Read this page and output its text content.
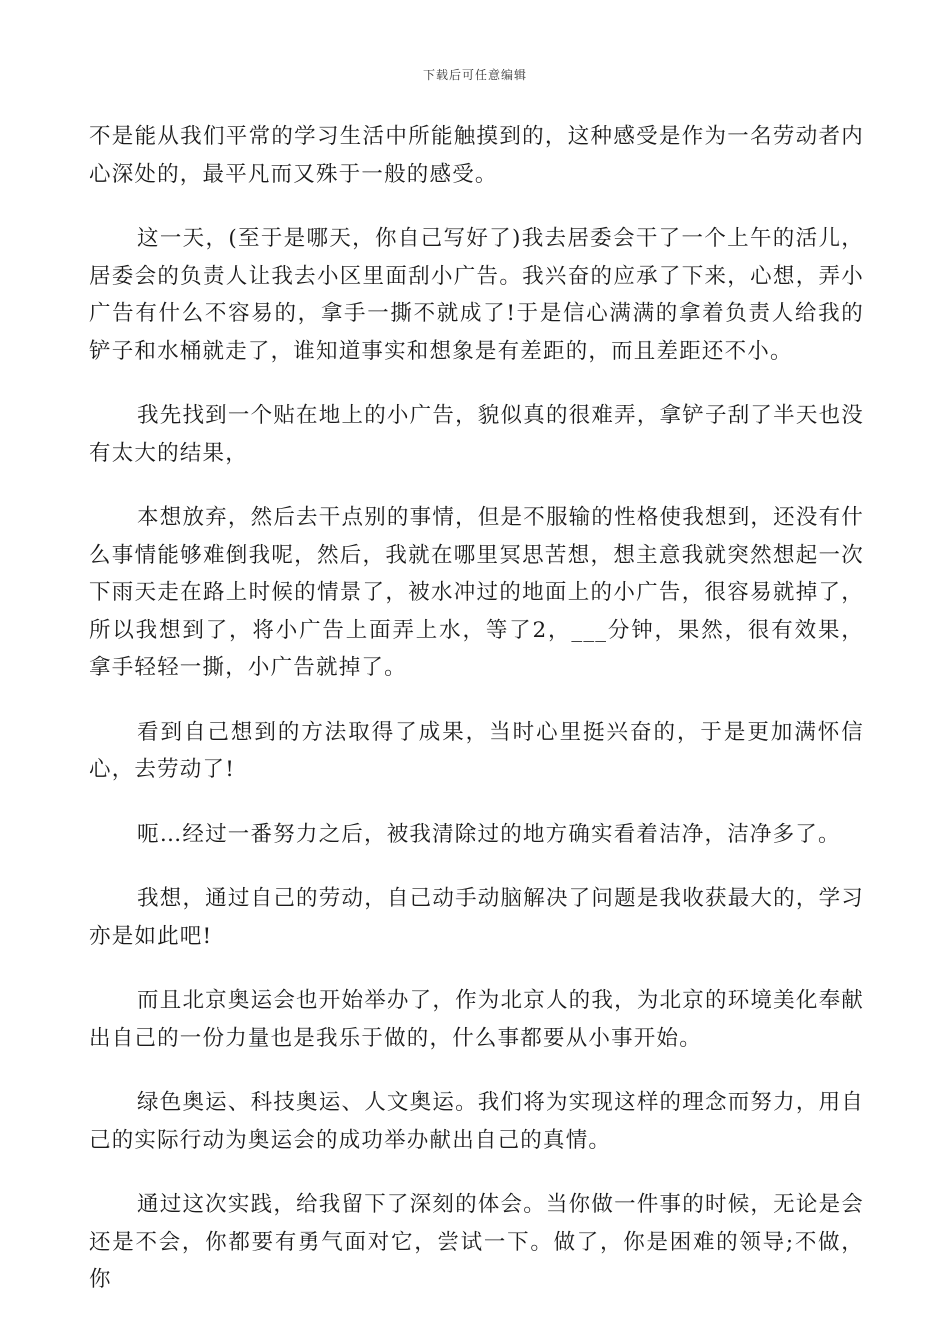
下载后可任意编辑

不是能从我们平常的学习生活中所能触摸到的，这种感受是作为一名劳动者内心深处的，最平凡而又殊于一般的感受。

这一天，(至于是哪天，你自己写好了)我去居委会干了一个上午的活儿，居委会的负责人让我去小区里面刮小广告。我兴奋的应承了下来，心想，弄小广告有什么不容易的，拿手一撕不就成了!于是信心满满的拿着负责人给我的铲子和水桶就走了，谁知道事实和想象是有差距的，而且差距还不小。

我先找到一个贴在地上的小广告，貌似真的很难弄，拿铲子刮了半天也没有太大的结果，

本想放弃，然后去干点别的事情，但是不服输的性格使我想到，还没有什么事情能够难倒我呢，然后，我就在哪里冥思苦想，想主意我就突然想起一次下雨天走在路上时候的情景了，被水冲过的地面上的小广告，很容易就掉了，所以我想到了，将小广告上面弄上水，等了2，___分钟，果然，很有效果，拿手轻轻一撕，小广告就掉了。

看到自己想到的方法取得了成果，当时心里挺兴奋的，于是更加满怀信心，去劳动了!

呃…经过一番努力之后，被我清除过的地方确实看着洁净，洁净多了。

我想，通过自己的劳动，自己动手动脑解决了问题是我收获最大的，学习亦是如此吧!

而且北京奥运会也开始举办了，作为北京人的我，为北京的环境美化奉献出自己的一份力量也是我乐于做的，什么事都要从小事开始。

绿色奥运、科技奥运、人文奥运。我们将为实现这样的理念而努力，用自己的实际行动为奥运会的成功举办献出自己的真情。

通过这次实践，给我留下了深刻的体会。当你做一件事的时候，无论是会还是不会，你都要有勇气面对它，尝试一下。做了，你是困难的领导;不做，你
